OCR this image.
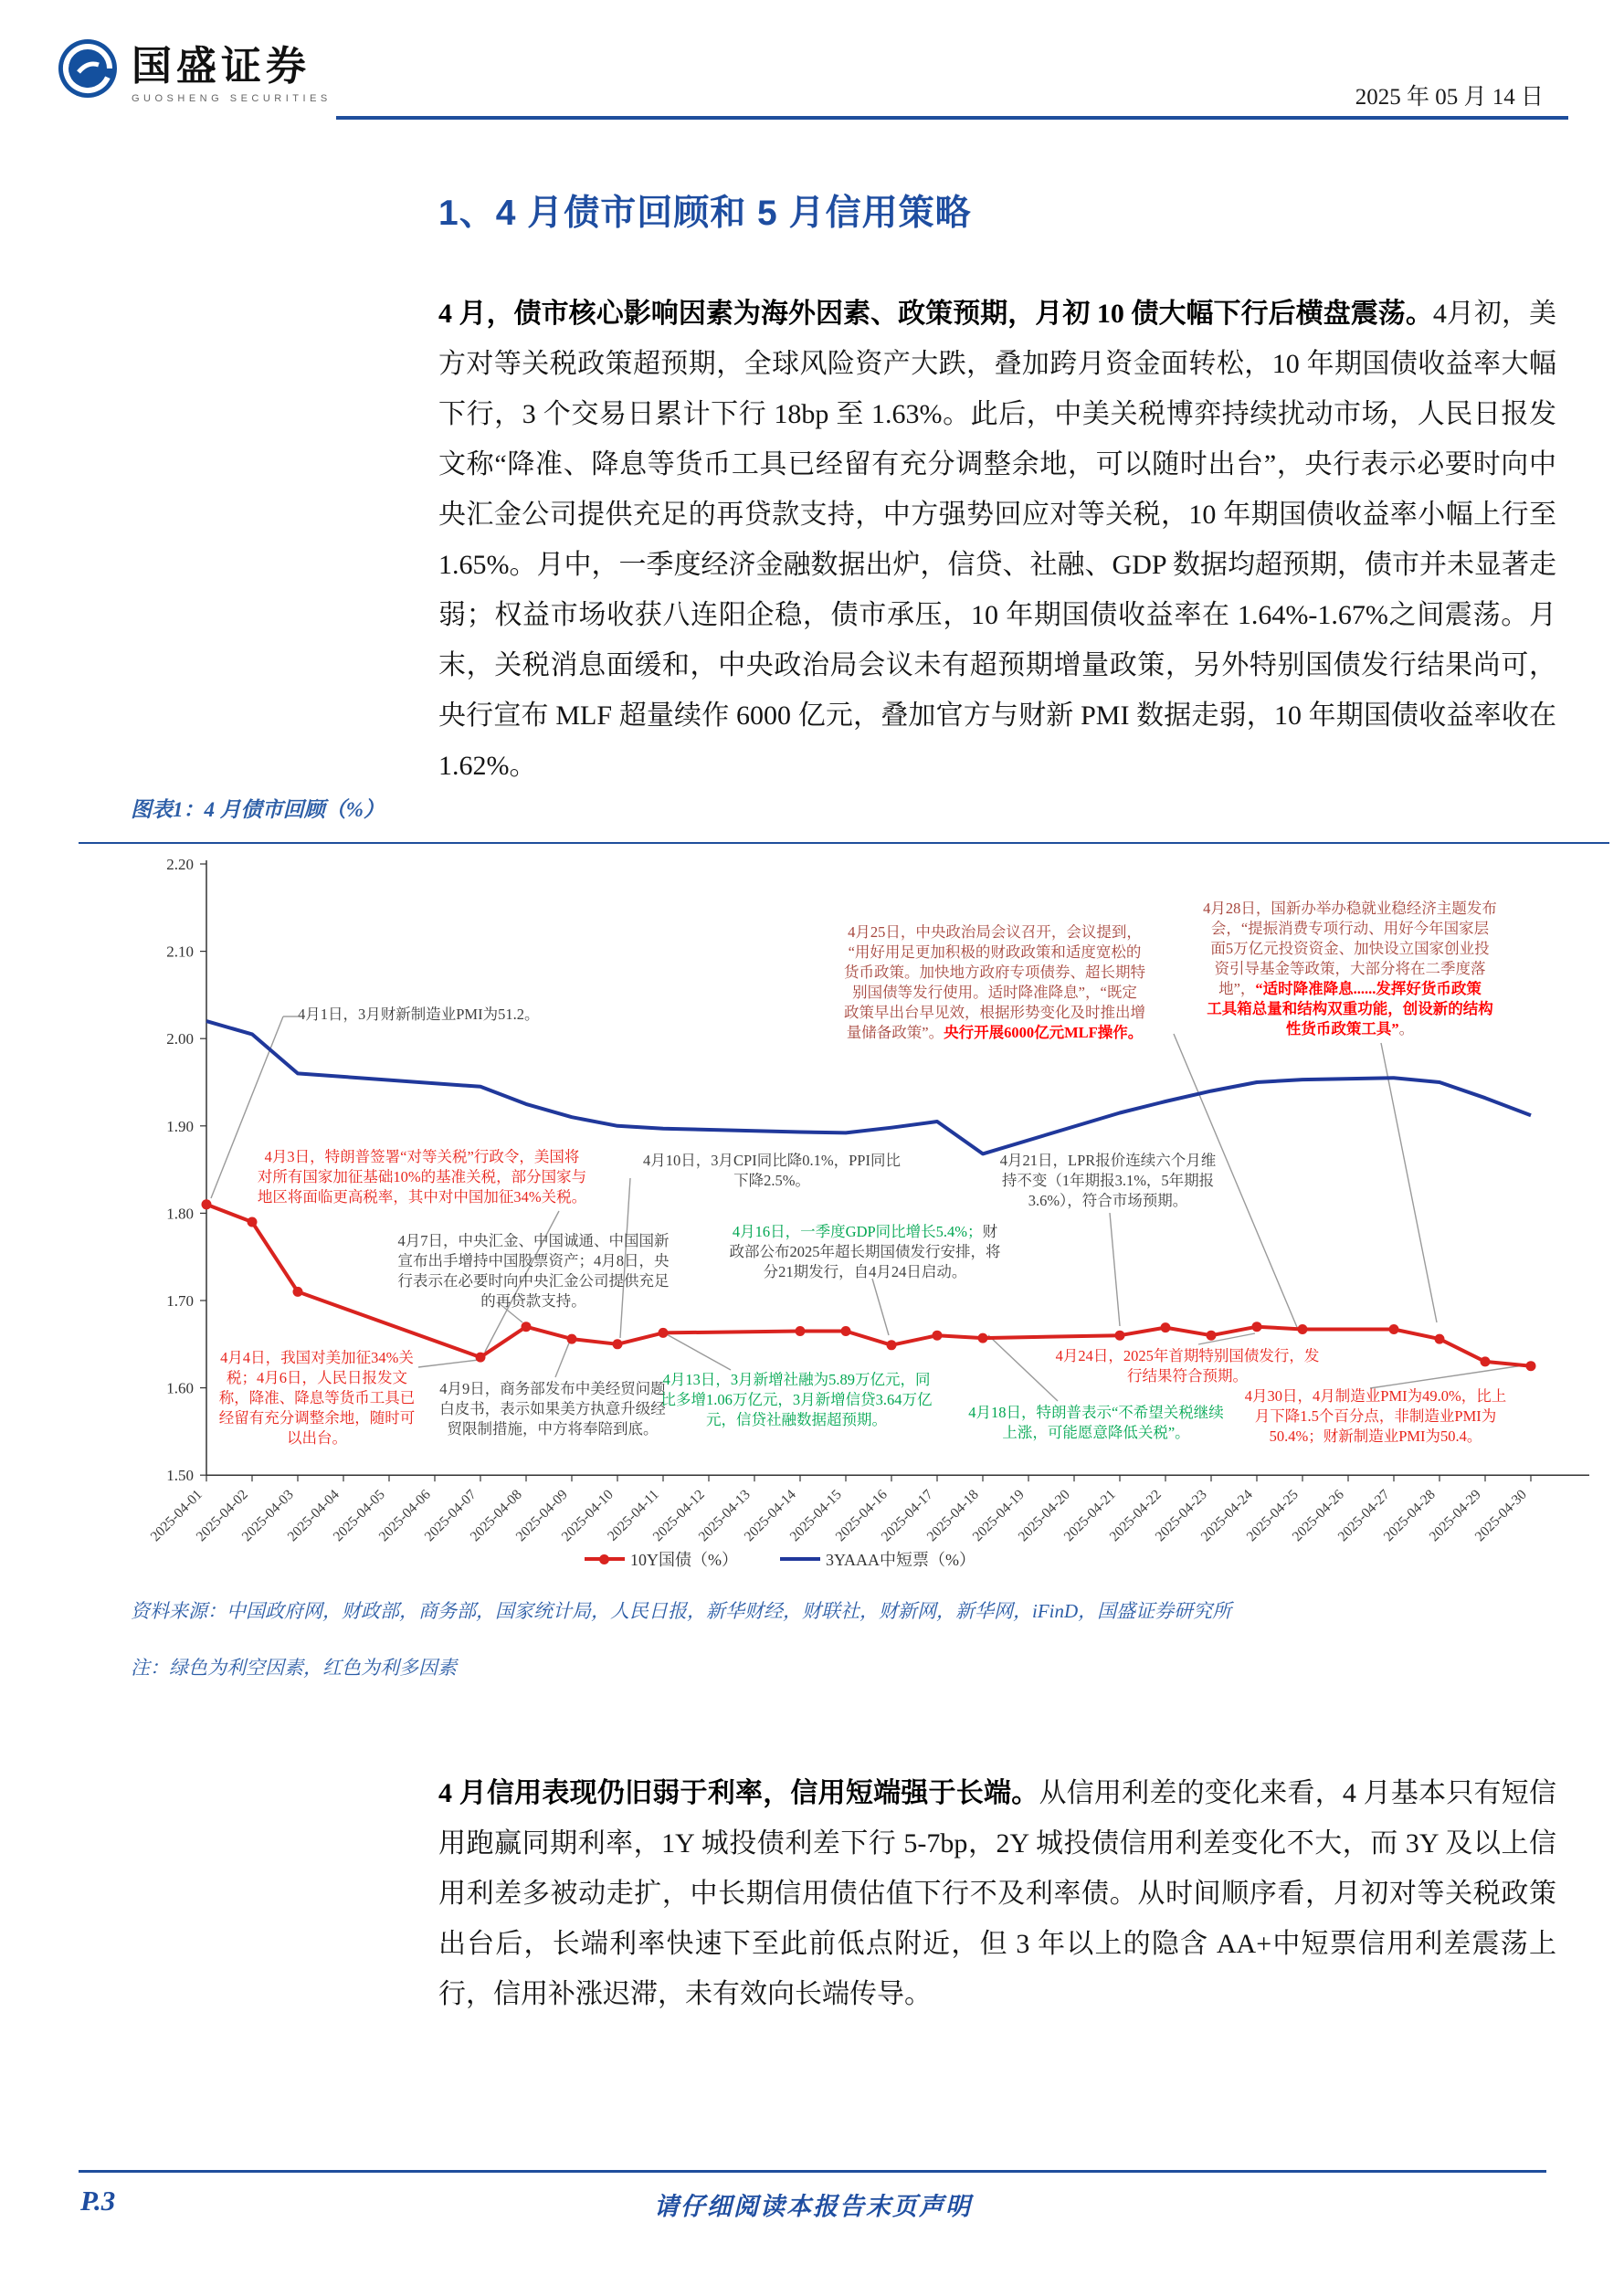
国盛证券
GUOSHENG SECURITIES	2025 年 05 月 14 日
1、4 月债市回顾和 5 月信用策略
4 月，债市核心影响因素为海外因素、政策预期，月初 10 债大幅下行后横盘震荡。4月初，美方对等关税政策超预期，全球风险资产大跌，叠加跨月资金面转松，10 年期国债收益率大幅下行，3 个交易日累计下行 18bp 至 1.63%。此后，中美关税博弈持续扰动市场，人民日报发文称“降准、降息等货币工具已经留有充分调整余地，可以随时出台”，央行表示必要时向中央汇金公司提供充足的再贷款支持，中方强势回应对等关税，10 年期国债收益率小幅上行至 1.65%。月中，一季度经济金融数据出炉，信贷、社融、GDP 数据均超预期，债市并未显著走弱；权益市场收获八连阳企稳，债市承压，10 年期国债收益率在 1.64%-1.67%之间震荡。月末，关税消息面缓和，中央政治局会议未有超预期增量政策，另外特别国债发行结果尚可，央行宣布 MLF 超量续作 6000 亿元，叠加官方与财新 PMI 数据走弱，10 年期国债收益率收在 1.62%。
图表1：4 月债市回顾（%）
2.20
2.10
2.00
1.90
1.80
1.70
1.60
1.50
2025-04-01
2025-04-02
2025-04-03
2025-04-04
2025-04-05
2025-04-06
2025-04-07
2025-04-08
2025-04-09
2025-04-10
2025-04-11
2025-04-12
2025-04-13
2025-04-14
2025-04-15
2025-04-16
2025-04-17
2025-04-18
2025-04-19
2025-04-20
2025-04-21
2025-04-22
2025-04-23
2025-04-24
2025-04-25
2025-04-26
2025-04-27
2025-04-28
2025-04-29
2025-04-30
4月1日，3月财新制造业PMI为51.2。
4月3日，特朗普签署“对等关税”行政令，美国将
对所有国家加征基础10%的基准关税，部分国家与
地区将面临更高税率，其中对中国加征34%关税。
4月7日，中央汇金、中国诚通、中国国新
宣布出手增持中国股票资产；4月8日，央
行表示在必要时向中央汇金公司提供充足
的再贷款支持。
4月10日，3月CPI同比降0.1%，PPI同比
下降2.5%。
4月16日，一季度GDP同比增长5.4%；财
政部公布2025年超长期国债发行安排，将
分21期发行，自4月24日启动。
4月21日，LPR报价连续六个月维
持不变（1年期报3.1%，5年期报
3.6%），符合市场预期。
4月25日，中央政治局会议召开，会议提到，
“用好用足更加积极的财政政策和适度宽松的
货币政策。加快地方政府专项债券、超长期特
别国债等发行使用。适时降准降息”，“既定
政策早出台早见效，根据形势变化及时推出增
量储备政策”。央行开展6000亿元MLF操作。
4月28日，国新办举办稳就业稳经济主题发布
会，“提振消费专项行动、用好今年国家层
面5万亿元投资资金、加快设立国家创业投
资引导基金等政策，大部分将在二季度落
地”，“适时降准降息......发挥好货币政策
工具箱总量和结构双重功能，创设新的结构
性货币政策工具”。
4月4日，我国对美加征34%关
税；4月6日，人民日报发文
称，降准、降息等货币工具已
经留有充分调整余地，随时可
以出台。
4月9日，商务部发布中美经贸问题
白皮书，表示如果美方执意升级经
贸限制措施，中方将奉陪到底。
4月13日，3月新增社融为5.89万亿元，同
比多增1.06万亿元，3月新增信贷3.64万亿
元，信贷社融数据超预期。	4月18日，特朗普表示“不希望关税继续
上涨，可能愿意降低关税”。
4月24日，2025年首期特别国债发行，发
行结果符合预期。
4月30日，4月制造业PMI为49.0%，比上
月下降1.5个百分点，非制造业PMI为
50.4%；财新制造业PMI为50.4。
10Y国债（%）	3YAAA中短票（%）
资料来源：中国政府网，财政部，商务部，国家统计局，人民日报，新华财经，财联社，财新网，新华网，iFinD，国盛证券研究所
注：绿色为利空因素，红色为利多因素
4 月信用表现仍旧弱于利率，信用短端强于长端。从信用利差的变化来看，4 月基本只有短信用跑赢同期利率，1Y 城投债利差下行 5-7bp，2Y 城投债信用利差变化不大，而 3Y 及以上信用利差多被动走扩，中长期信用债估值下行不及利率债。从时间顺序看，月初对等关税政策出台后，长端利率快速下至此前低点附近，但 3 年以上的隐含 AA+中短票信用利差震荡上行，信用补涨迟滞，未有效向长端传导。
P.3	请仔细阅读本报告末页声明
